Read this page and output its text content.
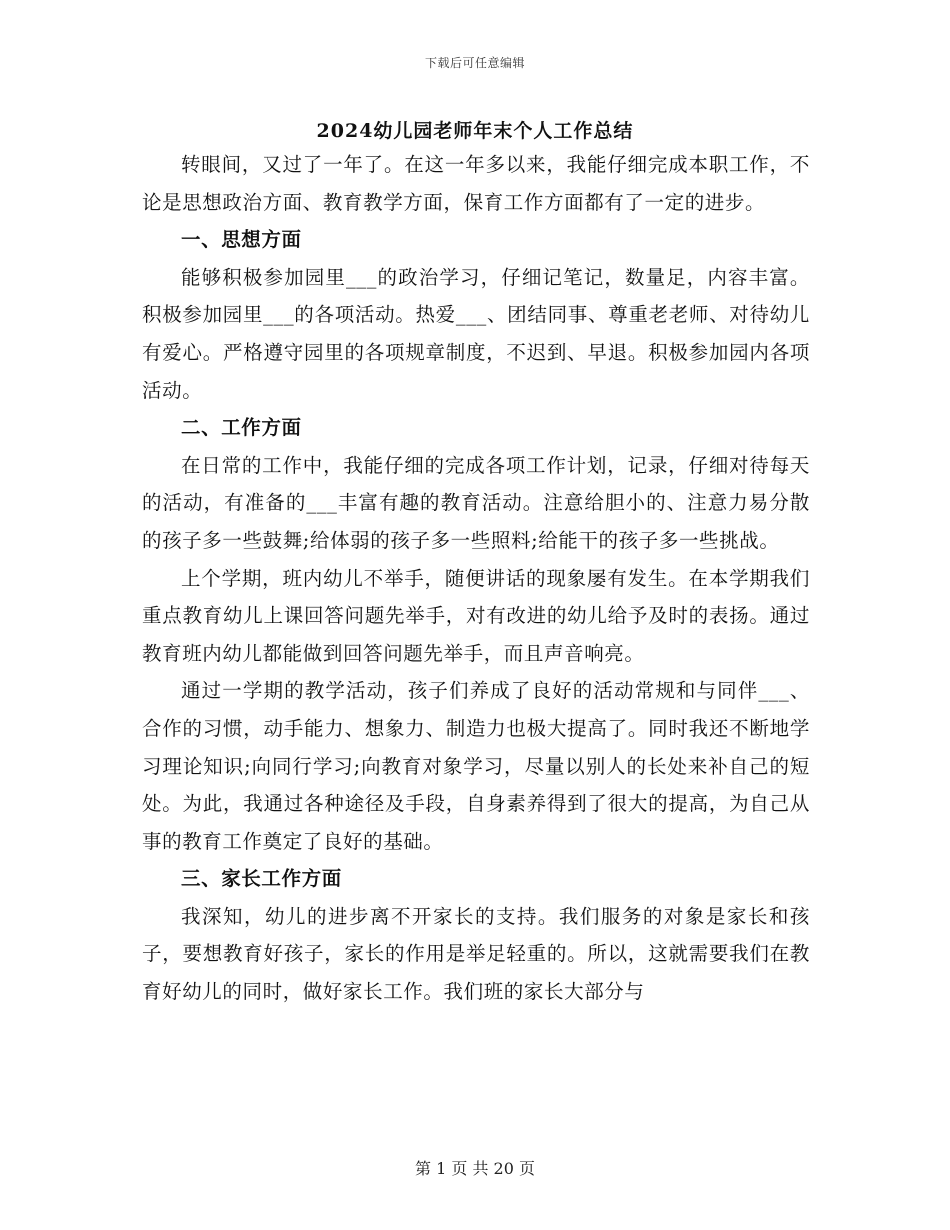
下载后可任意编辑
2024幼儿园老师年末个人工作总结

转眼间，又过了一年了。在这一年多以来，我能仔细完成本职工作，不论是思想政治方面、教育教学方面，保育工作方面都有了一定的进步。

一、思想方面

能够积极参加园里___的政治学习，仔细记笔记，数量足，内容丰富。积极参加园里___的各项活动。热爱___、团结同事、尊重老老师、对待幼儿有爱心。严格遵守园里的各项规章制度，不迟到、早退。积极参加园内各项活动。

二、工作方面

在日常的工作中，我能仔细的完成各项工作计划，记录，仔细对待每天的活动，有准备的___丰富有趣的教育活动。注意给胆小的、注意力易分散的孩子多一些鼓舞;给体弱的孩子多一些照料;给能干的孩子多一些挑战。

上个学期，班内幼儿不举手，随便讲话的现象屡有发生。在本学期我们重点教育幼儿上课回答问题先举手，对有改进的幼儿给予及时的表扬。通过教育班内幼儿都能做到回答问题先举手，而且声音响亮。

通过一学期的教学活动，孩子们养成了良好的活动常规和与同伴___、合作的习惯，动手能力、想象力、制造力也极大提高了。同时我还不断地学习理论知识;向同行学习;向教育对象学习，尽量以别人的长处来补自己的短处。为此，我通过各种途径及手段，自身素养得到了很大的提高，为自己从事的教育工作奠定了良好的基础。

三、家长工作方面

我深知，幼儿的进步离不开家长的支持。我们服务的对象是家长和孩子，要想教育好孩子，家长的作用是举足轻重的。所以，这就需要我们在教育好幼儿的同时，做好家长工作。我们班的家长大部分与

第 1 页 共 20 页
